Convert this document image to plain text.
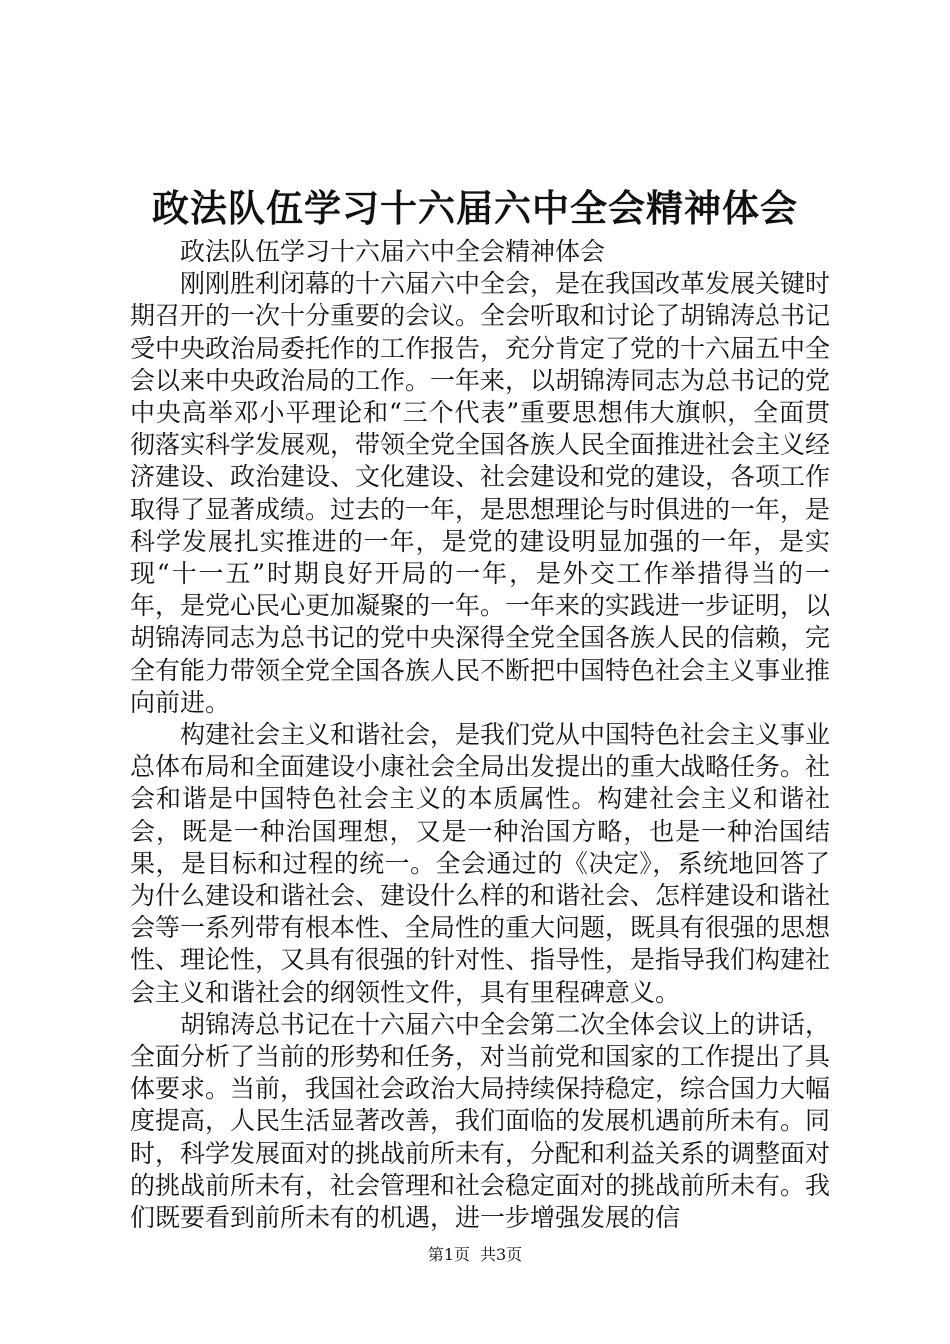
政法队伍学习十六届六中全会精神体会

政法队伍学习十六届六中全会精神体会

刚刚胜利闭幕的十六届六中全会，是在我国改革发展关键时期召开的一次十分重要的会议。全会听取和讨论了胡锦涛总书记受中央政治局委托作的工作报告，充分肯定了党的十六届五中全会以来中央政治局的工作。一年来，以胡锦涛同志为总书记的党中央高举邓小平理论和“三个代表”重要思想伟大旗帜，全面贯彻落实科学发展观，带领全党全国各族人民全面推进社会主义经济建设、政治建设、文化建设、社会建设和党的建设，各项工作取得了显著成绩。过去的一年，是思想理论与时俱进的一年，是科学发展扎实推进的一年，是党的建设明显加强的一年，是实现“十一五”时期良好开局的一年，是外交工作举措得当的一年，是党心民心更加凝聚的一年。一年来的实践进一步证明，以胡锦涛同志为总书记的党中央深得全党全国各族人民的信赖，完全有能力带领全党全国各族人民不断把中国特色社会主义事业推向前进。

构建社会主义和谐社会，是我们党从中国特色社会主义事业总体布局和全面建设小康社会全局出发提出的重大战略任务。社会和谐是中国特色社会主义的本质属性。构建社会主义和谐社会，既是一种治国理想，又是一种治国方略，也是一种治国结果，是目标和过程的统一。全会通过的《决定》，系统地回答了为什么建设和谐社会、建设什么样的和谐社会、怎样建设和谐社会等一系列带有根本性、全局性的重大问题，既具有很强的思想性、理论性，又具有很强的针对性、指导性，是指导我们构建社会主义和谐社会的纲领性文件，具有里程碑意义。

胡锦涛总书记在十六届六中全会第二次全体会议上的讲话，全面分析了当前的形势和任务，对当前党和国家的工作提出了具体要求。当前，我国社会政治大局持续保持稳定，综合国力大幅度提高，人民生活显著改善，我们面临的发展机遇前所未有。同时，科学发展面对的挑战前所未有，分配和利益关系的调整面对的挑战前所未有，社会管理和社会稳定面对的挑战前所未有。我们既要看到前所未有的机遇，进一步增强发展的信

第1页 共3页
